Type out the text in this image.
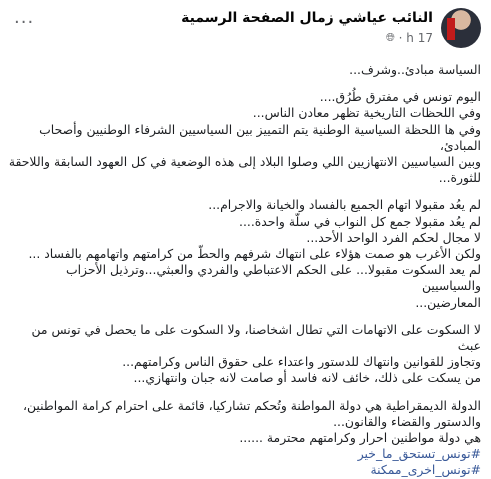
النائب عياشي زمال الصفحة الرسمية
17 h · 🌐︎
···

السياسة مبادئ..وشرف...

اليوم تونس في مفترق طُرُق....
وفي اللحظات التاريخية تظهر معادن الناس...
وفي ها اللحظة السياسية الوطنية يتم التمييز بين السياسيين الشرفاء الوطنيين وأصحاب المبادئ،
وبين السياسيين الانتهازيين اللي وصلوا البلاد إلى هذه الوضعية في كل العهود السابقة واللاحقة
للثورة...

لم يعُد مقبولا اتهام الجميع بالفساد والخيانة والاجرام...
لم يعُد مقبولا جمع كل النواب في سلّة واحدة....
لا مجال لحكم الفرد الواحد الأحد...
ولكن الأغرب هو صمت هؤلاء على انتهاك شرفهم والحطّ من كرامتهم واتهامهم بالفساد ...
لم يعد السكوت مقبولا... على الحكم الاعتباطي والفردي والعبثي...وترذيل الأحزاب والسياسيين
المعارضين...

لا السكوت على الاتهامات التي تطال اشخاصنا، ولا السكوت على ما يحصل في تونس من عبث
وتجاوز للقوانين وانتهاك للدستور واعتداء على حقوق الناس وكرامتهم...
من يسكت على ذلك، خائف لانه فاسد أو صامت لانه جبان وانتهازي...

الدولة الديمقراطية هي دولة المواطنة وتُحكم تشاركيا، قائمة على احترام كرامة المواطنين،
والدستور والقضاء والقانون...
هي دولة مواطنين احرار وكرامتهم محترمة ......

#تونس_تستحق_ما_خير
#تونس_اخرى_ممكنة
